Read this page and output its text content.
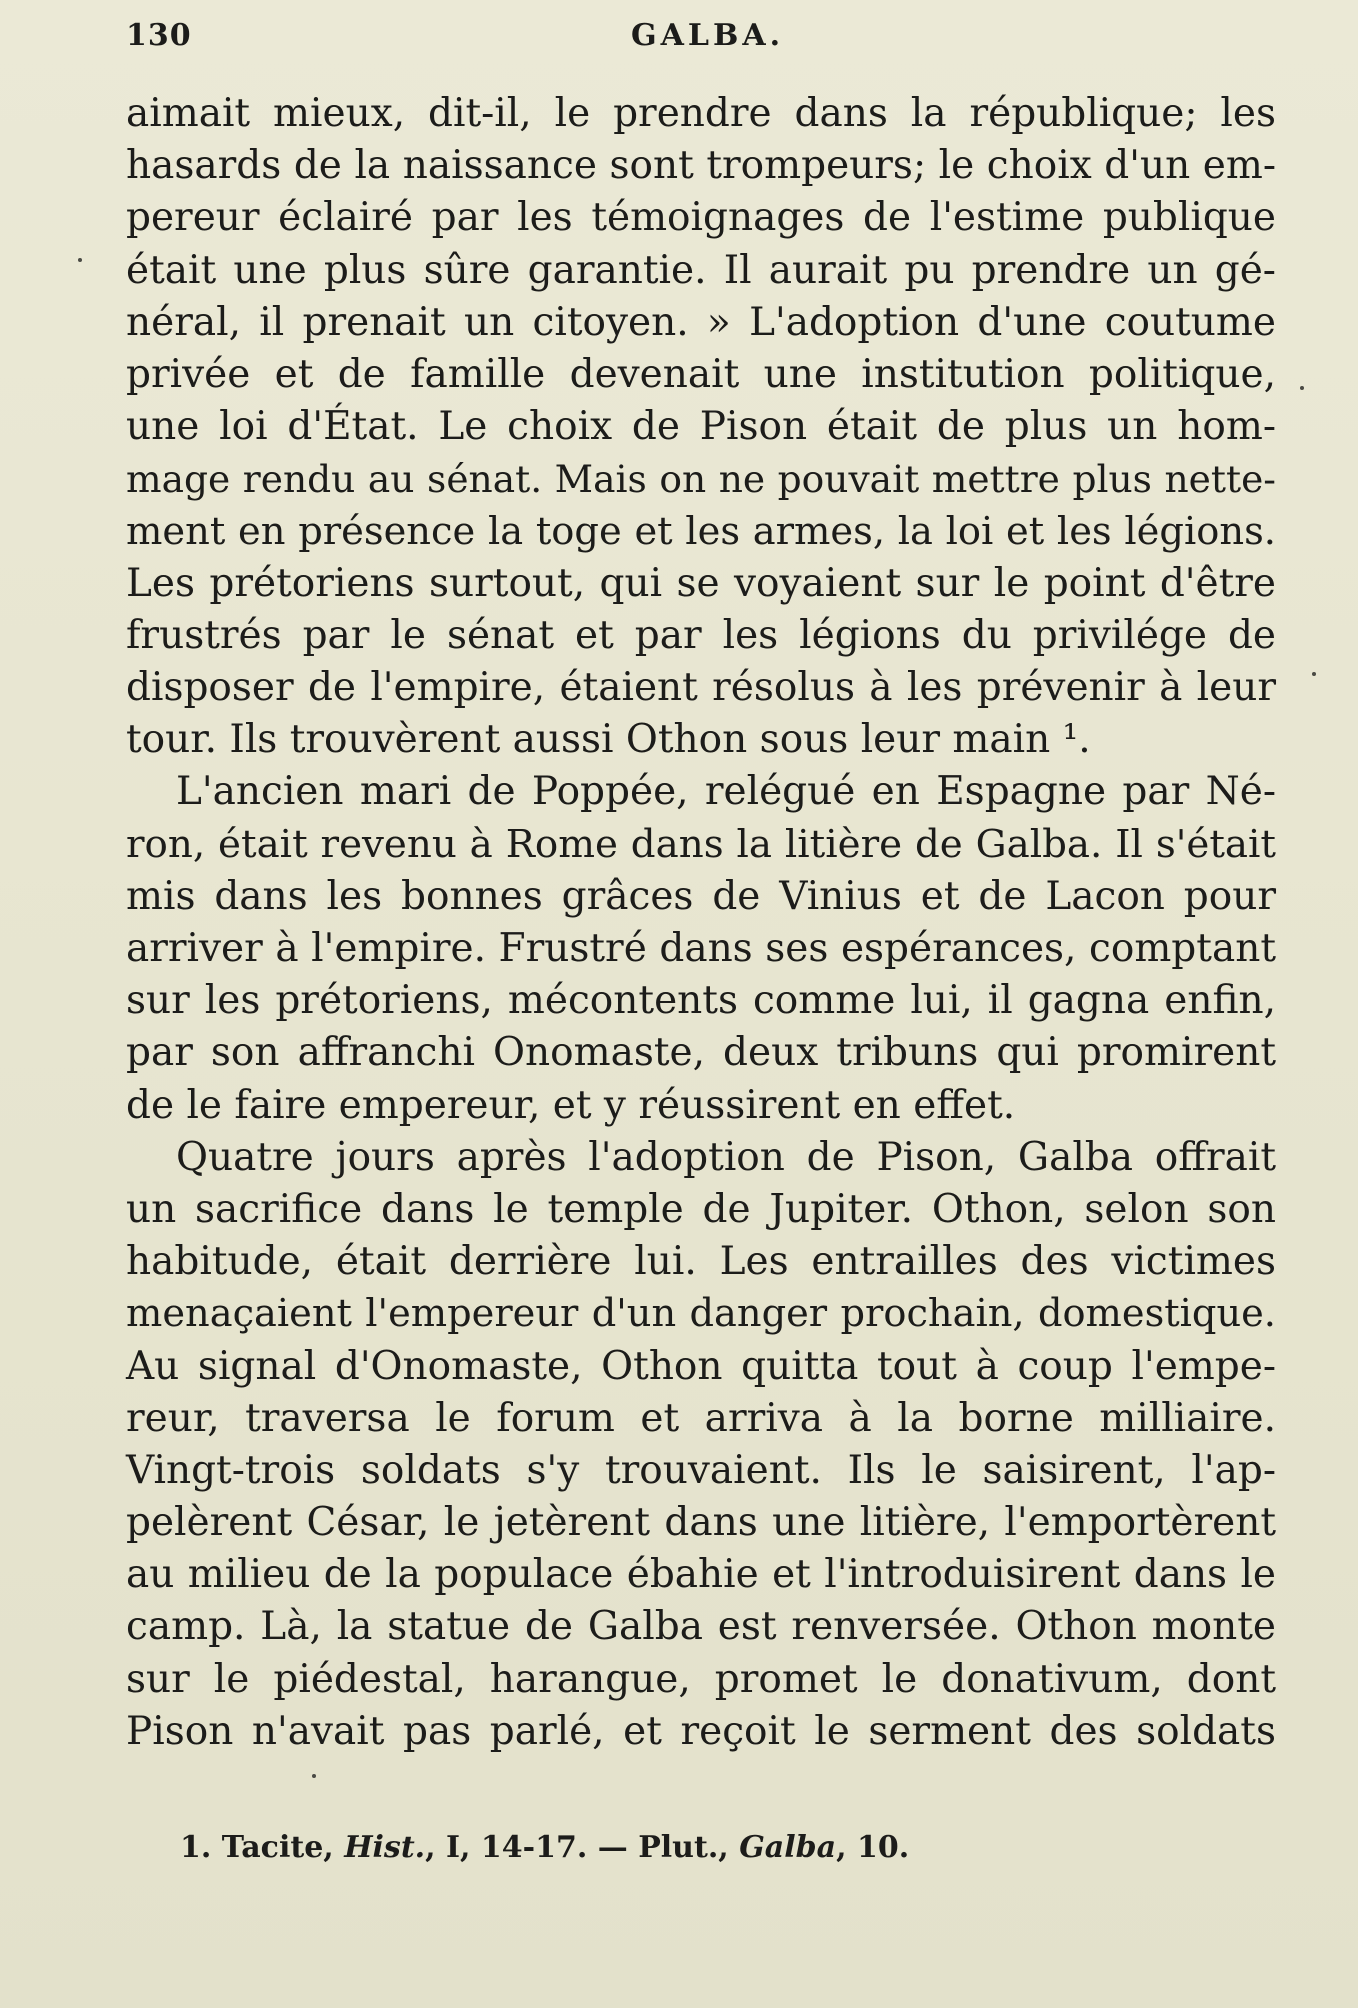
130	GALBA.
aimait mieux, dit-il, le prendre dans la république; les
hasards de la naissance sont trompeurs; le choix d'un em-
pereur éclairé par les témoignages de l'estime publique
était une plus sûre garantie. Il aurait pu prendre un gé-
néral, il prenait un citoyen. » L'adoption d'une coutume
privée et de famille devenait une institution politique,
une loi d'État. Le choix de Pison était de plus un hom-
mage rendu au sénat. Mais on ne pouvait mettre plus nette-
ment en présence la toge et les armes, la loi et les légions.
Les prétoriens surtout, qui se voyaient sur le point d'être
frustrés par le sénat et par les légions du privilége de
disposer de l'empire, étaient résolus à les prévenir à leur
tour. Ils trouvèrent aussi Othon sous leur main ¹.
L'ancien mari de Poppée, relégué en Espagne par Né-
ron, était revenu à Rome dans la litière de Galba. Il s'était
mis dans les bonnes grâces de Vinius et de Lacon pour
arriver à l'empire. Frustré dans ses espérances, comptant
sur les prétoriens, mécontents comme lui, il gagna enfin,
par son affranchi Onomaste, deux tribuns qui promirent
de le faire empereur, et y réussirent en effet.
Quatre jours après l'adoption de Pison, Galba offrait
un sacrifice dans le temple de Jupiter. Othon, selon son
habitude, était derrière lui. Les entrailles des victimes
menaçaient l'empereur d'un danger prochain, domestique.
Au signal d'Onomaste, Othon quitta tout à coup l'empe-
reur, traversa le forum et arriva à la borne milliaire.
Vingt-trois soldats s'y trouvaient. Ils le saisirent, l'ap-
pelèrent César, le jetèrent dans une litière, l'emportèrent
au milieu de la populace ébahie et l'introduisirent dans le
camp. Là, la statue de Galba est renversée. Othon monte
sur le piédestal, harangue, promet le donativum, dont
Pison n'avait pas parlé, et reçoit le serment des soldats
1. Tacite, Hist., I, 14-17. — Plut., Galba, 10.
